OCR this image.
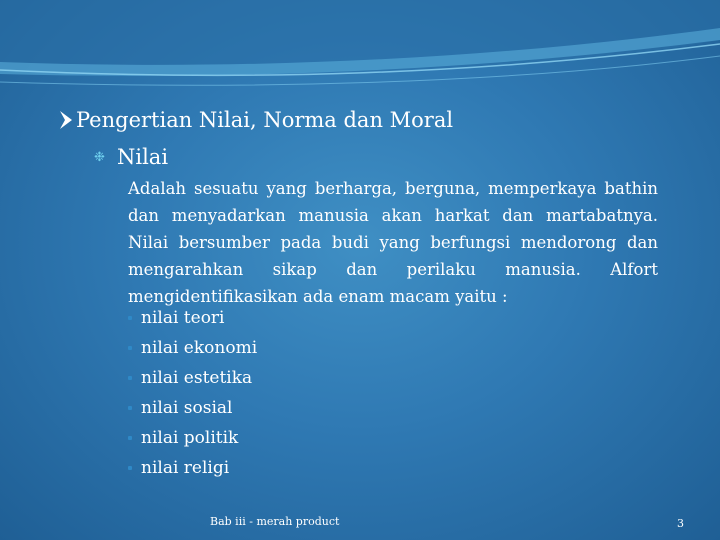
Pengertian Nilai, Norma dan Moral
❉ Nilai

Adalah sesuatu yang berharga, berguna, memperkaya bathin dan menyadarkan manusia akan harkat dan martabatnya. Nilai bersumber pada budi yang berfungsi mendorong dan mengarahkan sikap dan perilaku manusia. Alfort mengidentifikasikan ada enam macam yaitu :

nilai teori
nilai ekonomi
nilai estetika
nilai sosial
nilai politik
nilai religi
Bab iii - merah product	3
